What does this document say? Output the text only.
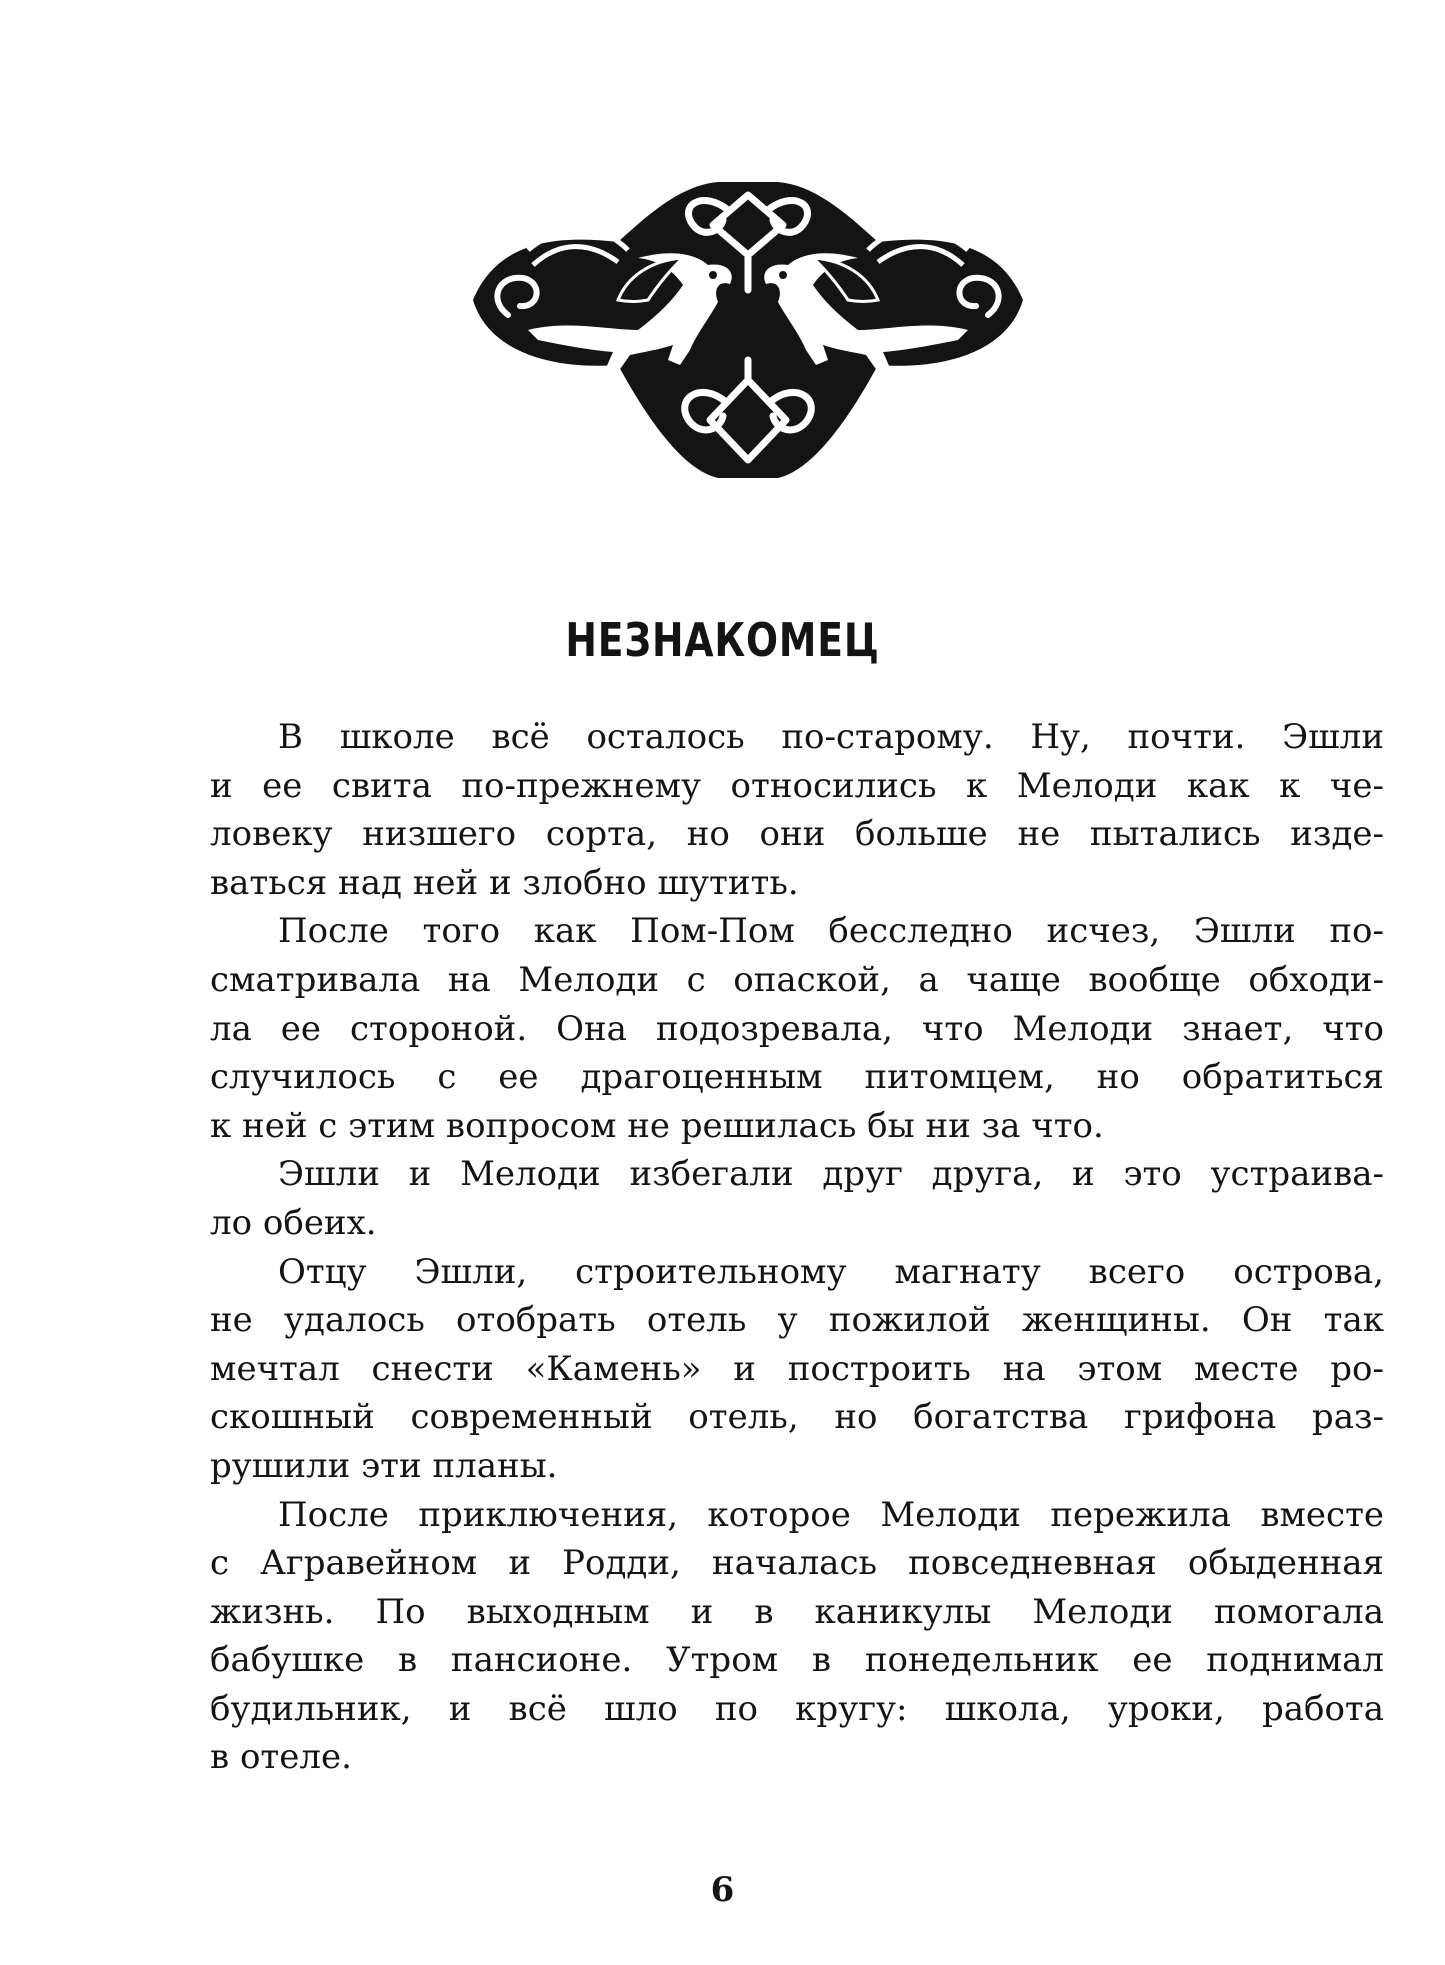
НЕЗНАКОМЕЦ
В школе всё осталось по-старому. Ну, почти. Эшли
и ее свита по-прежнему относились к Мелоди как к че-
ловеку низшего сорта, но они больше не пытались изде-
ваться над ней и злобно шутить.
После того как Пом-Пом бесследно исчез, Эшли по-
сматривала на Мелоди с опаской, а чаще вообще обходи-
ла ее стороной. Она подозревала, что Мелоди знает, что
случилось с ее драгоценным питомцем, но обратиться
к ней с этим вопросом не решилась бы ни за что.
Эшли и Мелоди избегали друг друга, и это устраива-
ло обеих.
Отцу Эшли, строительному магнату всего острова,
не удалось отобрать отель у пожилой женщины. Он так
мечтал снести «Камень» и построить на этом месте ро-
скошный современный отель, но богатства грифона раз-
рушили эти планы.
После приключения, которое Мелоди пережила вместе
с Агравейном и Родди, началась повседневная обыденная
жизнь. По выходным и в каникулы Мелоди помогала
бабушке в пансионе. Утром в понедельник ее поднимал
будильник, и всё шло по кругу: школа, уроки, работа
в отеле.
6
